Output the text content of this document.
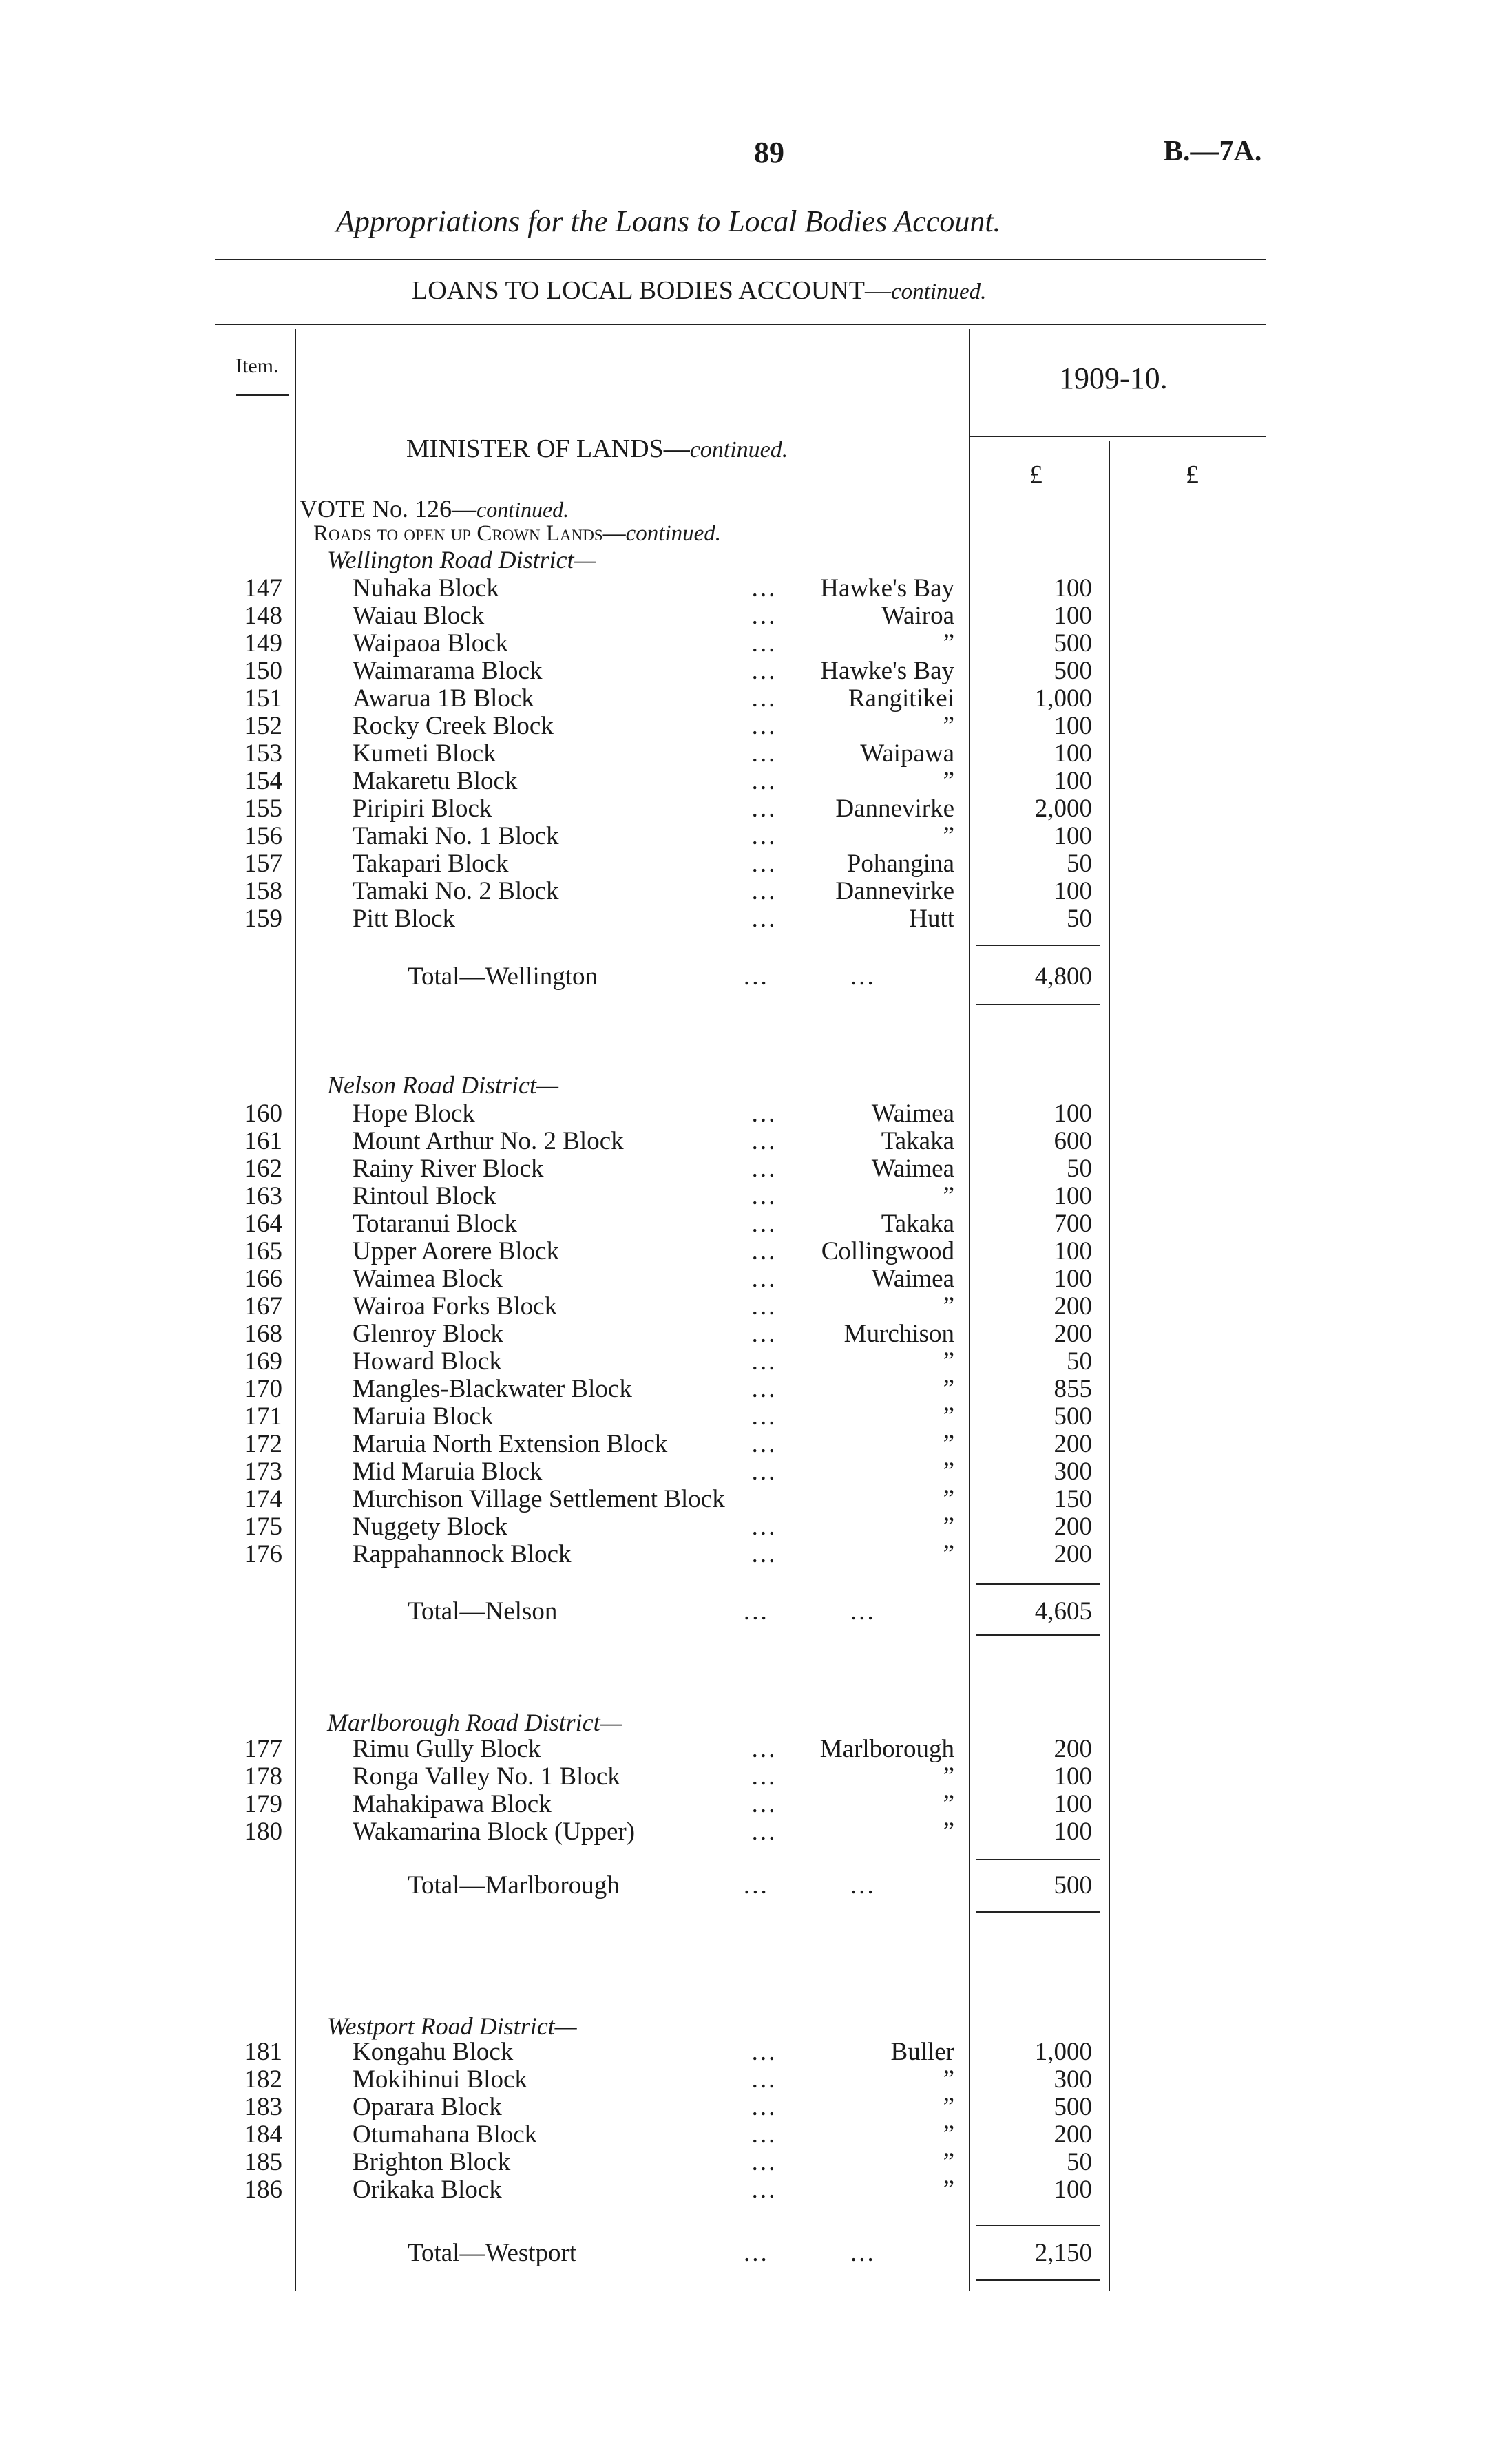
89	B.—7A.
Appropriations for the Loans to Local Bodies Account.
LOANS TO LOCAL BODIES ACCOUNT—continued.
Item.	1909-10.
£	£
MINISTER OF LANDS—continued.
VOTE No. 126—continued.
Roads to open up Crown Lands—continued.
Wellington Road District—
147	Nuhaka Block	...	Hawke's Bay	100
148	Waiau Block	...	Wairoa	100
149	Waipaoa Block	...	”	500
150	Waimarama Block	...	Hawke's Bay	500
151	Awarua 1B Block	...	Rangitikei	1,000
152	Rocky Creek Block	...	”	100
153	Kumeti Block	...	Waipawa	100
154	Makaretu Block	...	”	100
155	Piripiri Block	...	Dannevirke	2,000
156	Tamaki No. 1 Block	...	”	100
157	Takapari Block	...	Pohangina	50
158	Tamaki No. 2 Block	...	Dannevirke	100
159	Pitt Block	...	Hutt	50
Total—Wellington	...	...	4,800
Nelson Road District—
160	Hope Block	...	Waimea	100
161	Mount Arthur No. 2 Block	...	Takaka	600
162	Rainy River Block	...	Waimea	50
163	Rintoul Block	...	”	100
164	Totaranui Block	...	Takaka	700
165	Upper Aorere Block	...	Collingwood	100
166	Waimea Block	...	Waimea	100
167	Wairoa Forks Block	...	”	200
168	Glenroy Block	...	Murchison	200
169	Howard Block	...	”	50
170	Mangles-Blackwater Block	...	”	855
171	Maruia Block	...	”	500
172	Maruia North Extension Block	...	”	200
173	Mid Maruia Block	...	”	300
174	Murchison Village Settlement Block	”	150
175	Nuggety Block	...	”	200
176	Rappahannock Block	...	”	200
Total—Nelson	...	...	4,605
Marlborough Road District—
177	Rimu Gully Block	...	Marlborough	200
178	Ronga Valley No. 1 Block	...	”	100
179	Mahakipawa Block	...	”	100
180	Wakamarina Block (Upper)	...	”	100
Total—Marlborough	...	...	500
Westport Road District—
181	Kongahu Block	...	Buller	1,000
182	Mokihinui Block	...	”	300
183	Oparara Block	...	”	500
184	Otumahana Block	...	”	200
185	Brighton Block	...	”	50
186	Orikaka Block	...	”	100
Total—Westport	...	...	2,150
